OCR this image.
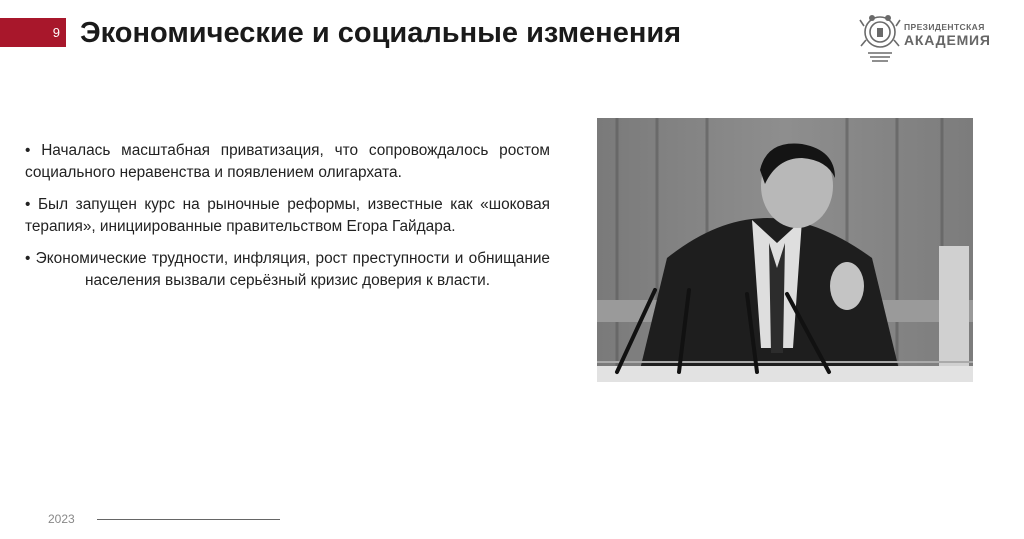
9 Экономические и социальные изменения	ПРЕЗИДЕНТСКАЯ
АКАДЕМИЯ

• Началась масштабная приватизация, что сопровождалось ростом социального неравенства и появлением олигархата.

• Был запущен курс на рыночные реформы, известные как «шоковая терапия», инициированные правительством Егора Гайдара.

• Экономические трудности, инфляция, рост преступности и обнищание населения вызвали серьёзный кризис доверия к власти.

2023
